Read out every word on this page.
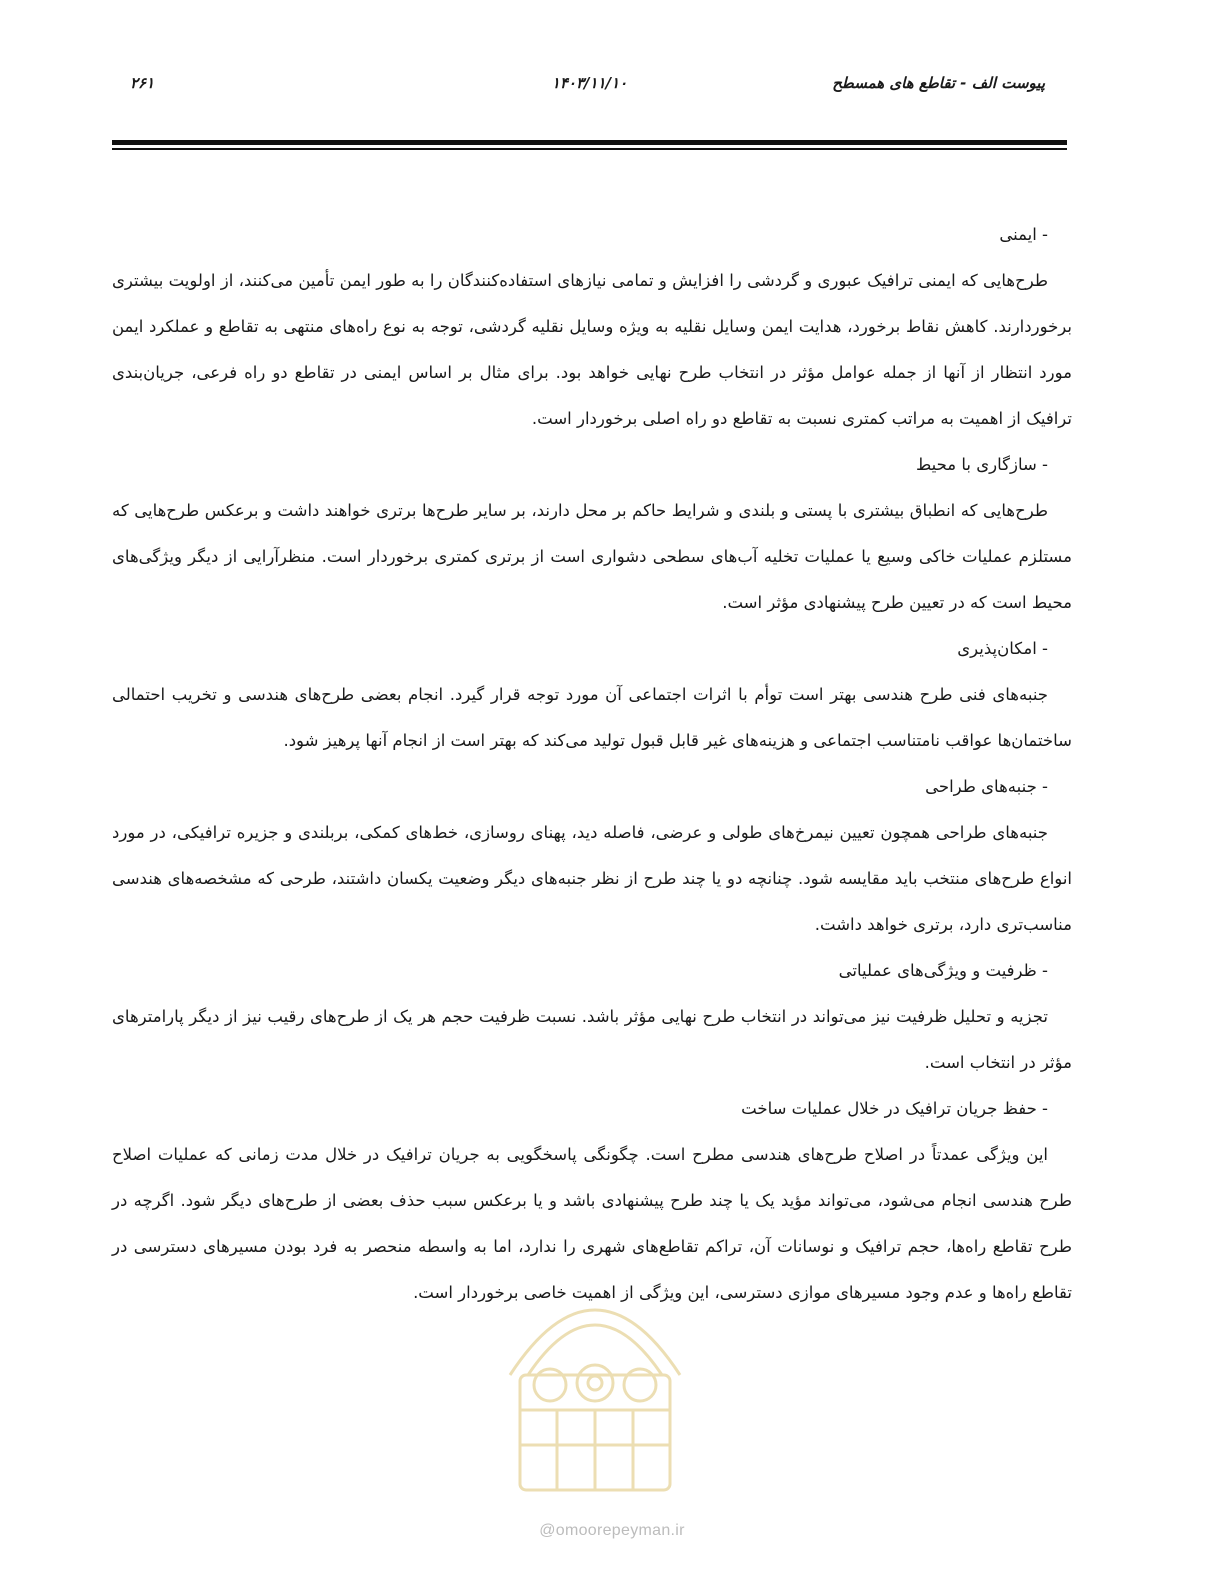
پیوست الف - تقاطع های همسطح
۱۴۰۳/۱۱/۱۰
۲۶۱

- ایمنی

طرح‌هایی که ایمنی ترافیک عبوری و گردشی را افزایش و تمامی نیازهای استفاده‌کنندگان را به طور ایمن تأمین می‌کنند، از اولویت بیشتری برخوردارند. کاهش نقاط برخورد، هدایت ایمن وسایل نقلیه به ویژه وسایل نقلیه گردشی، توجه به نوع راه‌های منتهی به تقاطع و عملکرد ایمن مورد انتظار از آنها از جمله عوامل مؤثر در انتخاب طرح نهایی خواهد بود. برای مثال بر اساس ایمنی در تقاطع دو راه فرعی، جریان‌بندی ترافیک از اهمیت به مراتب کمتری نسبت به تقاطع دو راه اصلی برخوردار است.

- سازگاری با محیط

طرح‌هایی که انطباق بیشتری با پستی و بلندی و شرایط حاکم بر محل دارند، بر سایر طرح‌ها برتری خواهند داشت و برعکس طرح‌هایی که مستلزم عملیات خاکی وسیع یا عملیات تخلیه آب‌های سطحی دشواری است از برتری کمتری برخوردار است. منظرآرایی از دیگر ویژگی‌های محیط است که در تعیین طرح پیشنهادی مؤثر است.

- امکان‌پذیری

جنبه‌های فنی طرح هندسی بهتر است توأم با اثرات اجتماعی آن مورد توجه قرار گیرد. انجام بعضی طرح‌های هندسی و تخریب احتمالی ساختمان‌ها عواقب نامتناسب اجتماعی و هزینه‌های غیر قابل قبول تولید می‌کند که بهتر است از انجام آنها پرهیز شود.

- جنبه‌های طراحی

جنبه‌های طراحی همچون تعیین نیمرخ‌های طولی و عرضی، فاصله دید، پهنای روسازی، خط‌های کمکی، بربلندی و جزیره ترافیکی، در مورد انواع طرح‌های منتخب باید مقایسه شود. چنانچه دو یا چند طرح از نظر جنبه‌های دیگر وضعیت یکسان داشتند، طرحی که مشخصه‌های هندسی مناسب‌تری دارد، برتری خواهد داشت.

- ظرفیت و ویژگی‌های عملیاتی

تجزیه و تحلیل ظرفیت نیز می‌تواند در انتخاب طرح نهایی مؤثر باشد. نسبت ظرفیت حجم هر یک از طرح‌های رقیب نیز از دیگر پارامترهای مؤثر در انتخاب است.

- حفظ جریان ترافیک در خلال عملیات ساخت

این ویژگی عمدتاً در اصلاح طرح‌های هندسی مطرح است. چگونگی پاسخگویی به جریان ترافیک در خلال مدت زمانی که عملیات اصلاح طرح هندسی انجام می‌شود، می‌تواند مؤید یک یا چند طرح پیشنهادی باشد و یا برعکس سبب حذف بعضی از طرح‌های دیگر شود. اگرچه در طرح تقاطع راه‌ها، حجم ترافیک و نوسانات آن، تراکم تقاطع‌های شهری را ندارد، اما به واسطه منحصر به فرد بودن مسیرهای دسترسی در تقاطع راه‌ها و عدم وجود مسیرهای موازی دسترسی، این ویژگی از اهمیت خاصی برخوردار است.

@omoorepeyman.ir
